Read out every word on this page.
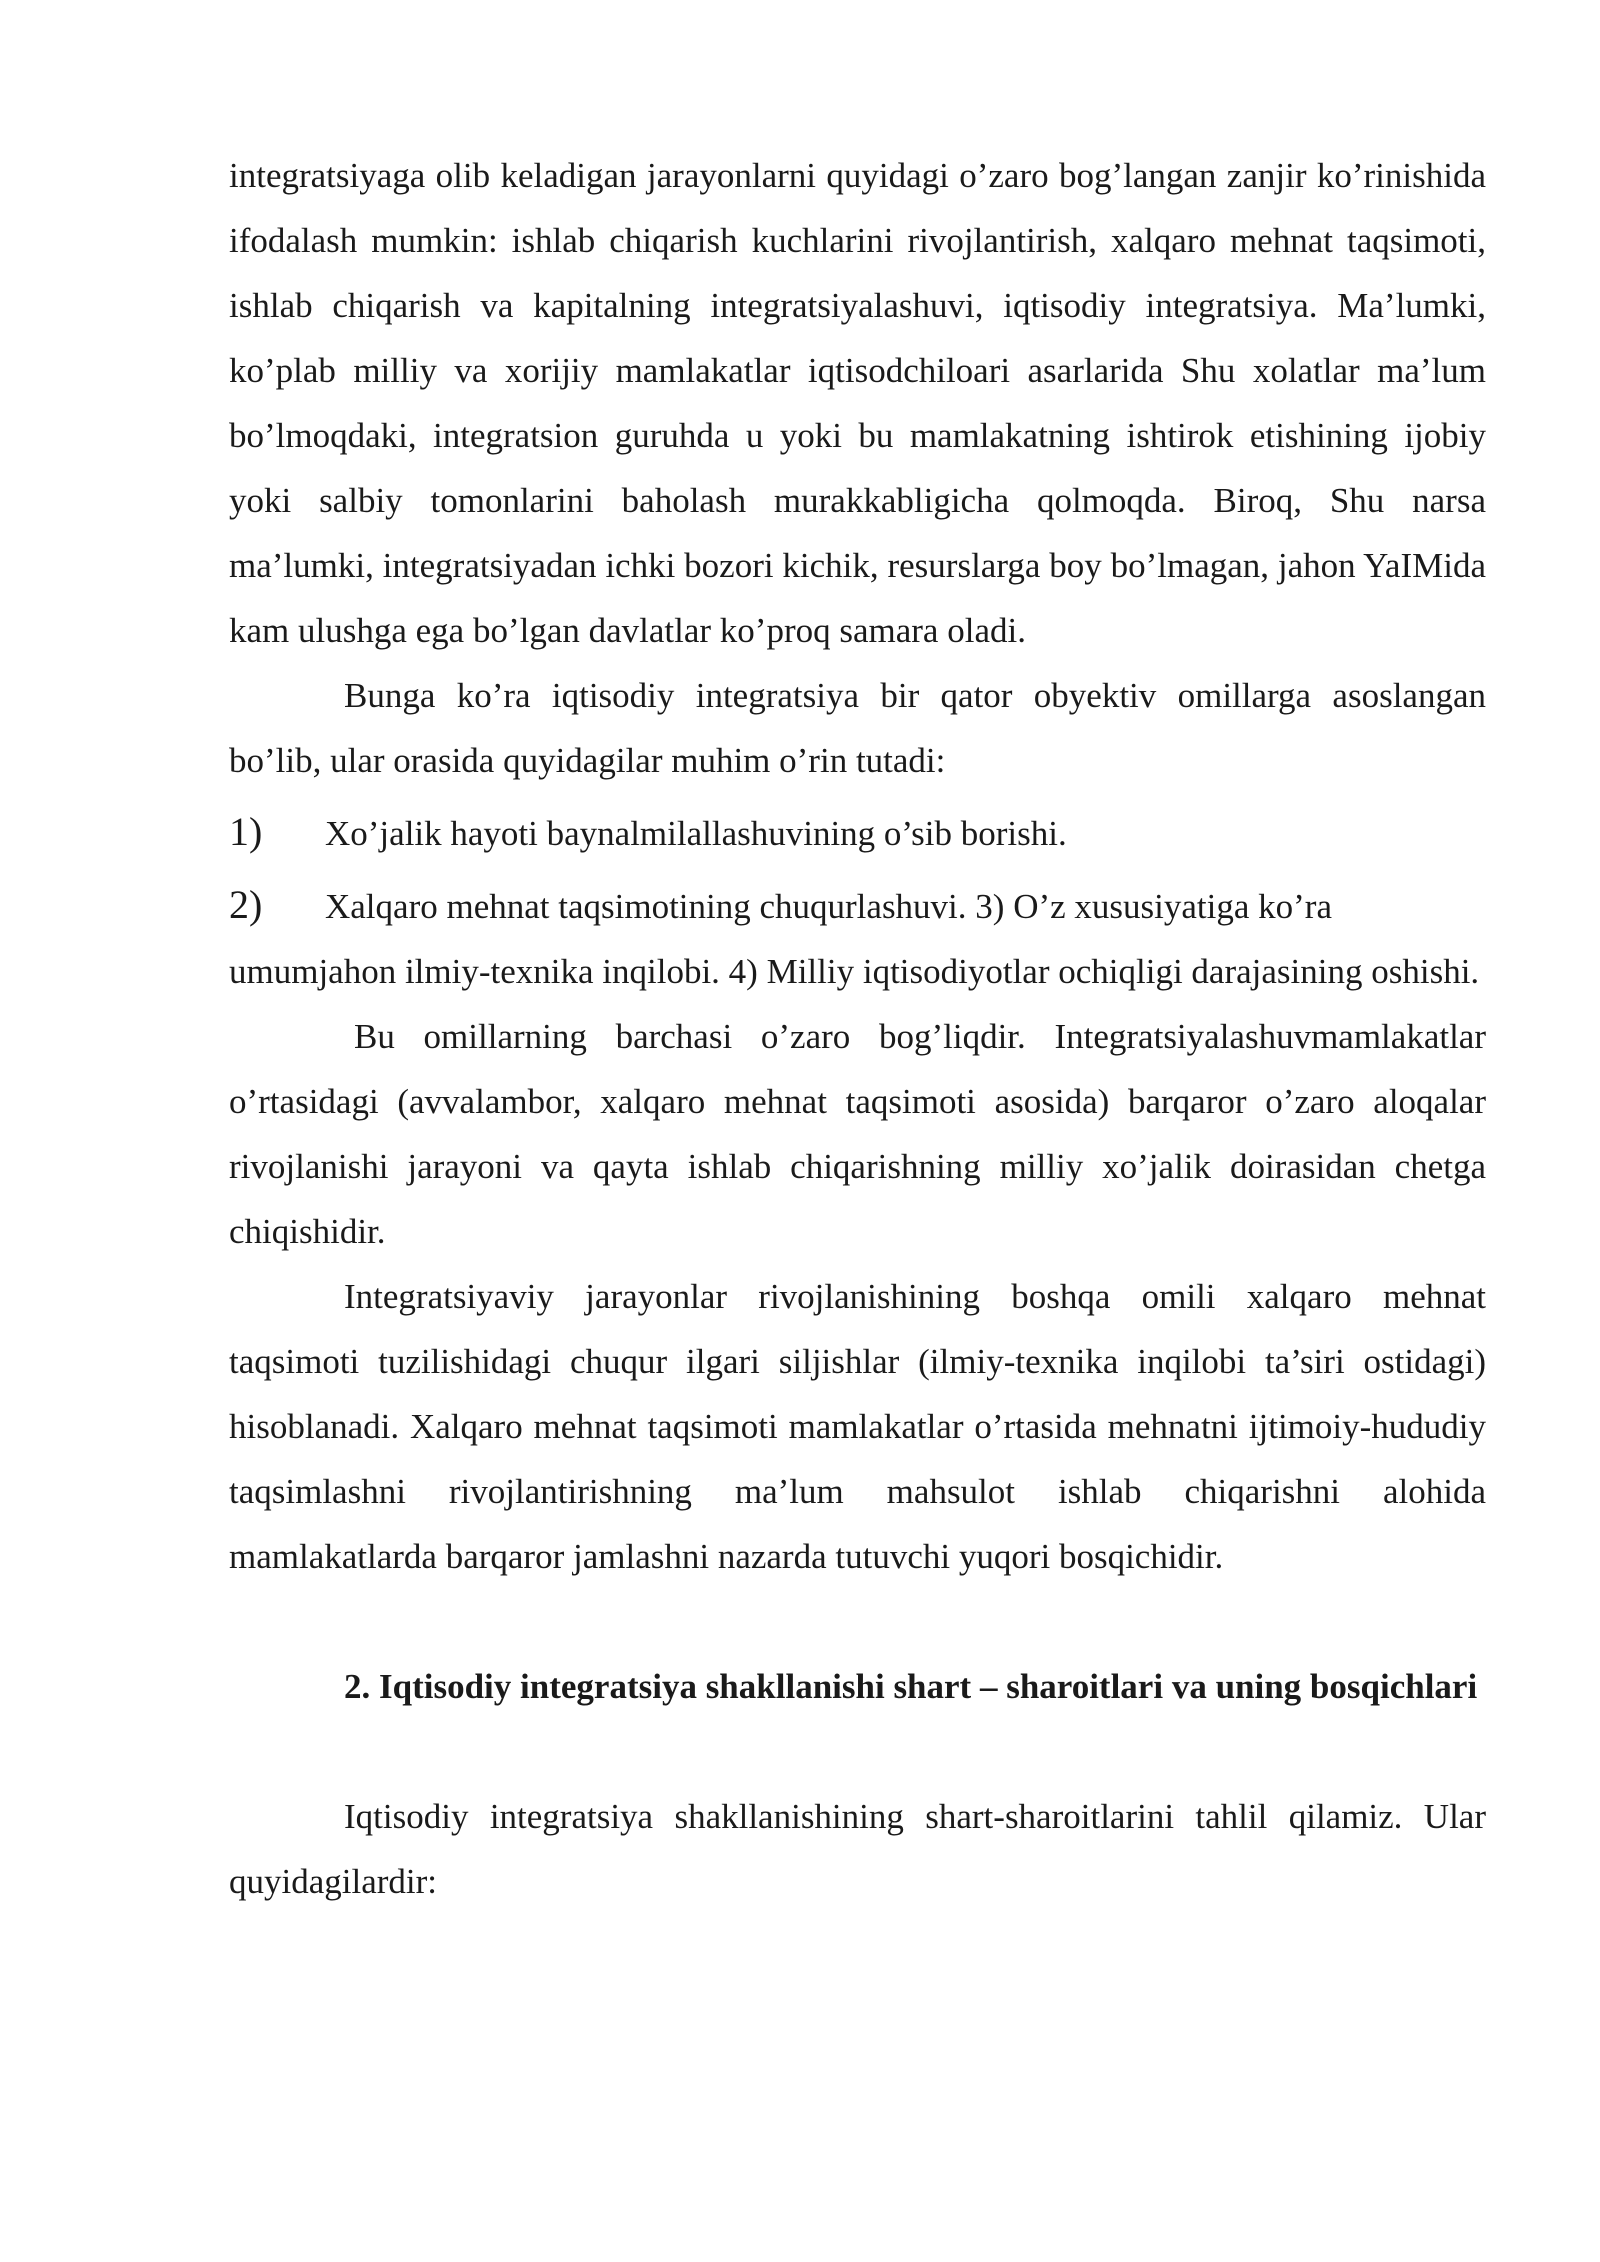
integratsiyaga olib keladigan jarayonlarni quyidagi o’zaro bog’langan zanjir ko’rinishida ifodalash mumkin: ishlab chiqarish kuchlarini rivojlantirish, xalqaro mehnat taqsimoti, ishlab chiqarish va kapitalning integratsiyalashuvi, iqtisodiy integratsiya. Ma’lumki, ko’plab milliy va xorijiy mamlakatlar iqtisodchiloari asarlarida Shu xolatlar ma’lum bo’lmoqdaki, integratsion guruhda u yoki bu mamlakatning ishtirok etishining ijobiy yoki salbiy tomonlarini baholash murakkabligicha qolmoqda. Biroq, Shu narsa ma’lumki, integratsiyadan ichki bozori kichik, resurslarga boy bo’lmagan, jahon YaIMida kam ulushga ega bo’lgan davlatlar ko’proq samara oladi.

Bunga ko’ra iqtisodiy integratsiya bir qator obyektiv omillarga asoslangan bo’lib, ular orasida quyidagilar muhim o’rin tutadi:

1)	Xo’jalik hayoti baynalmilallashuvining o’sib borishi.
2)	Xalqaro mehnat taqsimotining chuqurlashuvi. 3) O’z xususiyatiga ko’ra

umumjahon ilmiy-texnika inqilobi. 4) Milliy iqtisodiyotlar ochiqligi darajasining oshishi.

Bu omillarning barchasi o’zaro bog’liqdir. Integratsiyalashuvmamlakatlar o’rtasidagi (avvalambor, xalqaro mehnat taqsimoti asosida) barqaror o’zaro aloqalar rivojlanishi jarayoni va qayta ishlab chiqarishning milliy xo’jalik doirasidan chetga chiqishidir.

Integratsiyaviy jarayonlar rivojlanishining boshqa omili xalqaro mehnat taqsimoti tuzilishidagi chuqur ilgari siljishlar (ilmiy-texnika inqilobi ta’siri ostidagi) hisoblanadi. Xalqaro mehnat taqsimoti mamlakatlar o’rtasida mehnatni ijtimoiy-hududiy taqsimlashni rivojlantirishning ma’lum mahsulot ishlab chiqarishni alohida mamlakatlarda barqaror jamlashni nazarda tutuvchi yuqori bosqichidir.

2. Iqtisodiy integratsiya shakllanishi shart – sharoitlari va uning bosqichlari

Iqtisodiy integratsiya shakllanishining shart-sharoitlarini tahlil qilamiz. Ular quyidagilardir:
